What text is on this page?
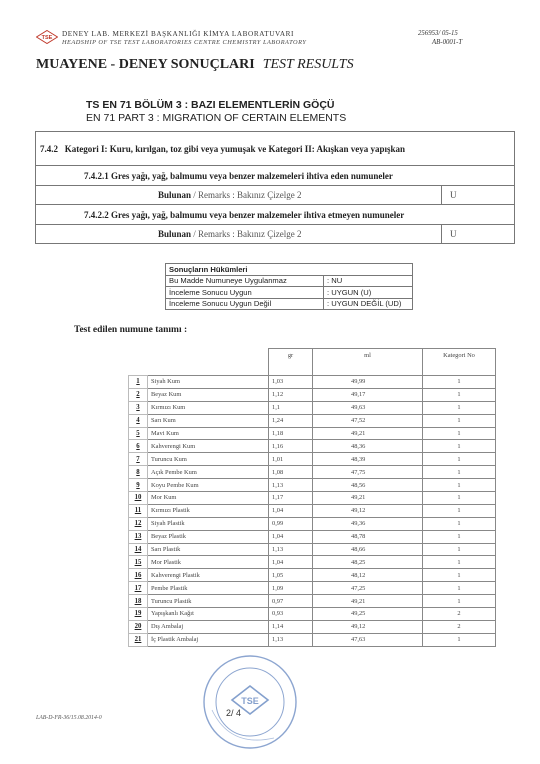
TSE DENEY LAB. MERKEZİ BAŞKANLIĞI KİMYA LABORATUVARI
HEADSHIP OF TSE TEST LABORATORIES CENTRE CHEMISTRY LABORATORY
256953/ 05-15
AB-0001-T
MUAYENE - DENEY SONUÇLARI TEST RESULTS
TS EN 71 BÖLÜM 3 : BAZI ELEMENTLERİN GÖÇÜ
EN 71 PART 3 : MIGRATION OF CERTAIN ELEMENTS
7.4.2 Kategori I: Kuru, kırılgan, toz gibi veya yumuşak ve Kategori II: Akışkan veya yapışkan	
7.4.2.1 Gres yağı, yağ, balmumu veya benzer malzemeleri ihtiva eden numuneler	
Bulunan / Remarks : Bakınız Çizelge 2	U
7.4.2.2 Gres yağı, yağ, balmumu veya benzer malzemeler ihtiva etmeyen numuneler	
Bulunan / Remarks : Bakınız Çizelge 2	U
Sonuçların Hükümleri	
Bu Madde Numuneye Uygulanmaz	: NU
İnceleme Sonucu Uygun	: UYGUN (U)
İnceleme Sonucu Uygun Değil	: UYGUN DEĞİL (UD)
Test edilen numune tanımı :
		gr	ml	Kategori No
1	Siyah Kum	1,03	49,99	1
2	Beyaz Kum	1,12	49,17	1
3	Kırmızı Kum	1,1	49,63	1
4	Sarı Kum	1,24	47,52	1
5	Mavi Kum	1,18	49,21	1
6	Kahverengi Kum	1,16	48,36	1
7	Turuncu Kum	1,01	48,39	1
8	Açık Pembe Kum	1,08	47,75	1
9	Koyu Pembe Kum	1,13	48,56	1
10	Mor Kum	1,17	49,21	1
11	Kırmızı Plastik	1,04	49,12	1
12	Siyah Plastik	0,99	49,36	1
13	Beyaz Plastik	1,04	48,78	1
14	Sarı Plastik	1,13	48,66	1
15	Mor Plastik	1,04	48,25	1
16	Kahverengi Plastik	1,05	48,12	1
17	Pembe Plastik	1,09	47,25	1
18	Turuncu Plastik	0,97	49,21	1
19	Yapışkanlı Kağıt	0,93	49,25	2
20	Dış Ambalaj	1,14	49,12	2
21	İç Plastik Ambalaj	1,13	47,63	1
TSE
2/ 4
LAB-D-FR-36/15.08.2014-0
